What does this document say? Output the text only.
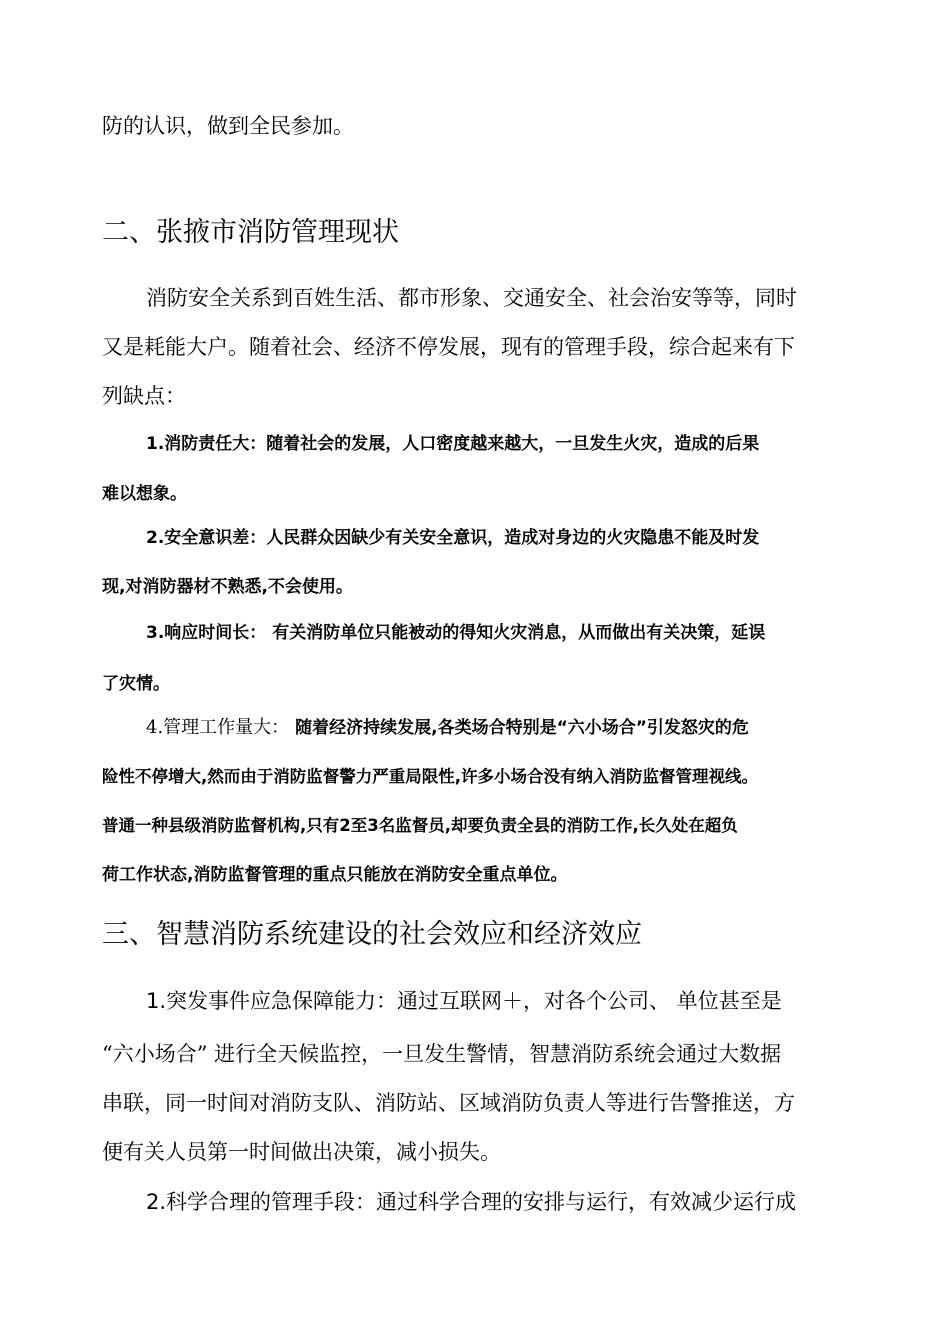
防的认识，做到全民参加。

二、张掖市消防管理现状

消防安全关系到百姓生活、都市形象、交通安全、社会治安等等，同时

又是耗能大户。随着社会、经济不停发展，现有的管理手段，综合起来有下

列缺点：

1.消防责任大：随着社会的发展，人口密度越来越大，一旦发生火灾，造成的后果

难以想象。

2.安全意识差：人民群众因缺少有关安全意识，造成对身边的火灾隐患不能及时发

现,对消防器材不熟悉,不会使用。

3.响应时间长： 有关消防单位只能被动的得知火灾消息，从而做出有关决策，延误

了灾情。

4.管理工作量大： 随着经济持续发展,各类场合特别是“六小场合”引发怒灾的危

险性不停增大,然而由于消防监督警力严重局限性,许多小场合没有纳入消防监督管理视线。

普通一种县级消防监督机构,只有2至3名监督员,却要负责全县的消防工作,长久处在超负

荷工作状态,消防监督管理的重点只能放在消防安全重点单位。

三、智慧消防系统建设的社会效应和经济效应

1.突发事件应急保障能力：通过互联网＋，对各个公司、 单位甚至是

“六小场合” 进行全天候监控，一旦发生警情，智慧消防系统会通过大数据

串联，同一时间对消防支队、消防站、区域消防负责人等进行告警推送，方

便有关人员第一时间做出决策，减小损失。

2.科学合理的管理手段：通过科学合理的安排与运行，有效减少运行成
